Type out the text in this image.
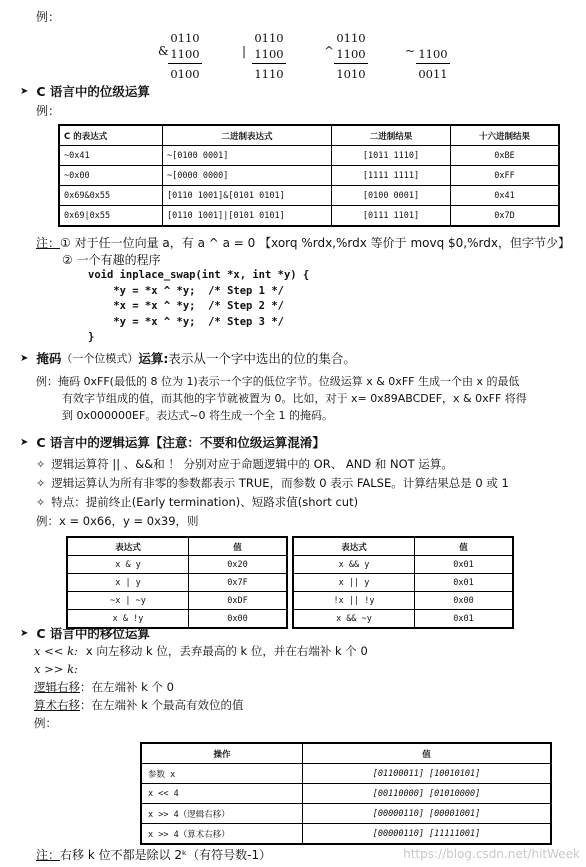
例：
&
0110
1100
0100
|
0110
1100
1110
^
0110
1100
1010
~ 1100
0011
➤ C 语言中的位级运算
例：
C 的表达式	二进制表达式	二进制结果	十六进制结果
~0x41	~[0100 0001]	[1011 1110]	0xBE
~0x00	~[0000 0000]	[1111 1111]	0xFF
0x69&0x55	[0110 1001]&[0101 0101]	[0100 0001]	0x41
0x69|0x55	[0110 1001]|[0101 0101]	[0111 1101]	0x7D
注：① 对于任一位向量 a，有 a ^ a = 0 【xorq %rdx,%rdx 等价于 movq $0,%rdx，但字节少】
② 一个有趣的程序
void inplace_swap(int *x, int *y) {
*y = *x ^ *y;  /* Step 1 */
*x = *x ^ *y;  /* Step 2 */
*y = *x ^ *y;  /* Step 3 */
}
➤ 掩码 （一个位模式） 运算: 表示从一个字中选出的位的集合。
例：掩码 0xFF(最低的 8 位为 1)表示一个字的低位字节。位级运算 x & 0xFF 生成一个由 x 的最低
有效字节组成的值，而其他的字节就被置为 0。比如，对于 x= 0x89ABCDEF，x & 0xFF 将得
到 0x000000EF。表达式~0 将生成一个全 1 的掩码。
➤ C 语言中的逻辑运算【注意：不要和位级运算混淆】
✧ 逻辑运算符 || 、&&和 ！ 分别对应于命题逻辑中的 OR、 AND 和 NOT 运算。
✧ 逻辑运算认为所有非零的参数都表示 TRUE，而参数 0 表示 FALSE。计算结果总是 0 或 1
✧ 特点：提前终止(Early termination)、短路求值(short cut)
例：x = 0x66，y = 0x39，则
表达式	值
x & y	0x20
x | y	0x7F
~x | ~y	0xDF
x & !y	0x00
表达式	值
x && y	0x01
x || y	0x01
!x || !y	0x00
x && ~y	0x01
➤ C 语言中的移位运算
x << k: x 向左移动 k 位，丢弃最高的 k 位，并在右端补 k 个 0
x >> k:
逻辑右移：在左端补 k 个 0
算术右移：在左端补 k 个最高有效位的值
例：
操作	值
参数 x	[01100011] [10010101]
x << 4	[00110000] [01010000]
x >> 4（逻辑右移）	[00000110] [00001001]
x >> 4（算术右移）	[00000110] [11111001]
注：右移 k 位不都是除以 2ᵏ（有符号数-1）	https://blog.csdn.net/hitWeek
